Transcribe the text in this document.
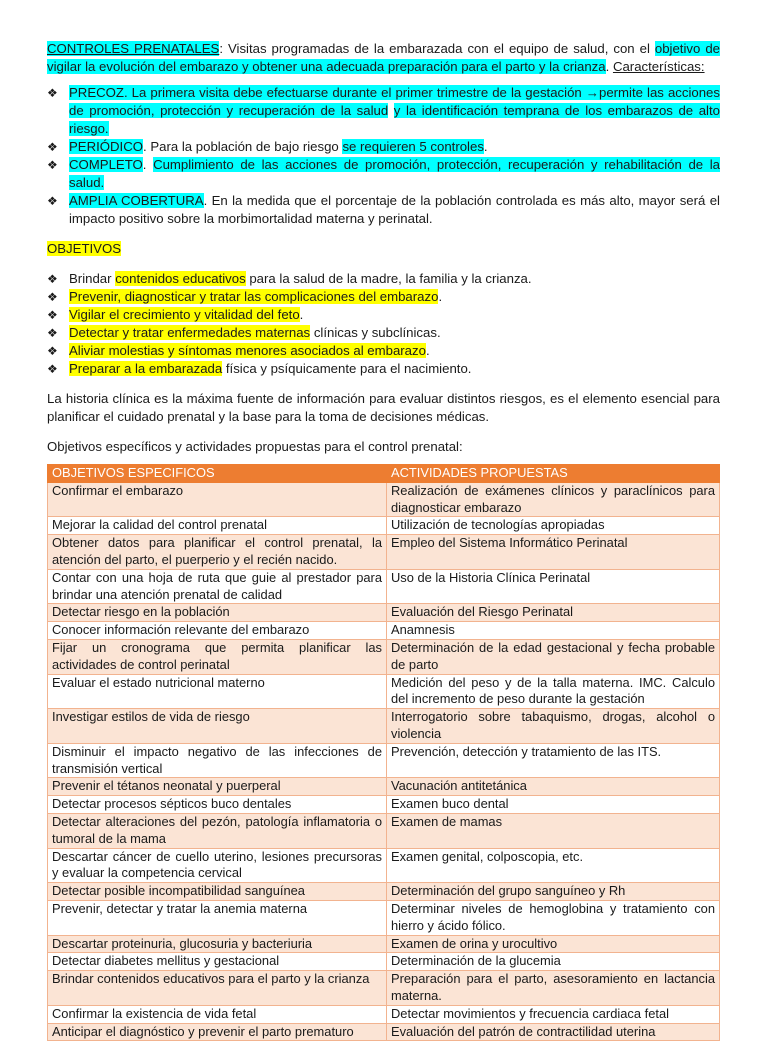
CONTROLES PRENATALES: Visitas programadas de la embarazada con el equipo de salud, con el objetivo de vigilar la evolución del embarazo y obtener una adecuada preparación para el parto y la crianza. Características:

❖ PRECOZ. La primera visita debe efectuarse durante el primer trimestre de la gestación →permite las acciones de promoción, protección y recuperación de la salud y la identificación temprana de los embarazos de alto riesgo.
❖ PERIÓDICO. Para la población de bajo riesgo se requieren 5 controles.
❖ COMPLETO. Cumplimiento de las acciones de promoción, protección, recuperación y rehabilitación de la salud.
❖ AMPLIA COBERTURA. En la medida que el porcentaje de la población controlada es más alto, mayor será el impacto positivo sobre la morbimortalidad materna y perinatal.

OBJETIVOS

❖ Brindar contenidos educativos para la salud de la madre, la familia y la crianza.
❖ Prevenir, diagnosticar y tratar las complicaciones del embarazo.
❖ Vigilar el crecimiento y vitalidad del feto.
❖ Detectar y tratar enfermedades maternas clínicas y subclínicas.
❖ Aliviar molestias y síntomas menores asociados al embarazo.
❖ Preparar a la embarazada física y psíquicamente para el nacimiento.

La historia clínica es la máxima fuente de información para evaluar distintos riesgos, es el elemento esencial para planificar el cuidado prenatal y la base para la toma de decisiones médicas.

Objetivos específicos y actividades propuestas para el control prenatal:

OBJETIVOS ESPECIFICOS	ACTIVIDADES PROPUESTAS
Confirmar el embarazo	Realización de exámenes clínicos y paraclínicos para diagnosticar embarazo
Mejorar la calidad del control prenatal	Utilización de tecnologías apropiadas
Obtener datos para planificar el control prenatal, la atención del parto, el puerperio y el recién nacido.	Empleo del Sistema Informático Perinatal
Contar con una hoja de ruta que guie al prestador para brindar una atención prenatal de calidad	Uso de la Historia Clínica Perinatal
Detectar riesgo en la población	Evaluación del Riesgo Perinatal
Conocer información relevante del embarazo	Anamnesis
Fijar un cronograma que permita planificar las actividades de control perinatal	Determinación de la edad gestacional y fecha probable de parto
Evaluar el estado nutricional materno	Medición del peso y de la talla materna. IMC. Calculo del incremento de peso durante la gestación
Investigar estilos de vida de riesgo	Interrogatorio sobre tabaquismo, drogas, alcohol o violencia
Disminuir el impacto negativo de las infecciones de transmisión vertical	Prevención, detección y tratamiento de las ITS.
Prevenir el tétanos neonatal y puerperal	Vacunación antitetánica
Detectar procesos sépticos buco dentales	Examen buco dental
Detectar alteraciones del pezón, patología inflamatoria o tumoral de la mama	Examen de mamas
Descartar cáncer de cuello uterino, lesiones precursoras y evaluar la competencia cervical	Examen genital, colposcopia, etc.
Detectar posible incompatibilidad sanguínea	Determinación del grupo sanguíneo y Rh
Prevenir, detectar y tratar la anemia materna	Determinar niveles de hemoglobina y tratamiento con hierro y ácido fólico.
Descartar proteinuria, glucosuria y bacteriuria	Examen de orina y urocultivo
Detectar diabetes mellitus y gestacional	Determinación de la glucemia
Brindar contenidos educativos para el parto y la crianza	Preparación para el parto, asesoramiento en lactancia materna.
Confirmar la existencia de vida fetal	Detectar movimientos y frecuencia cardiaca fetal
Anticipar el diagnóstico y prevenir el parto prematuro	Evaluación del patrón de contractilidad uterina
